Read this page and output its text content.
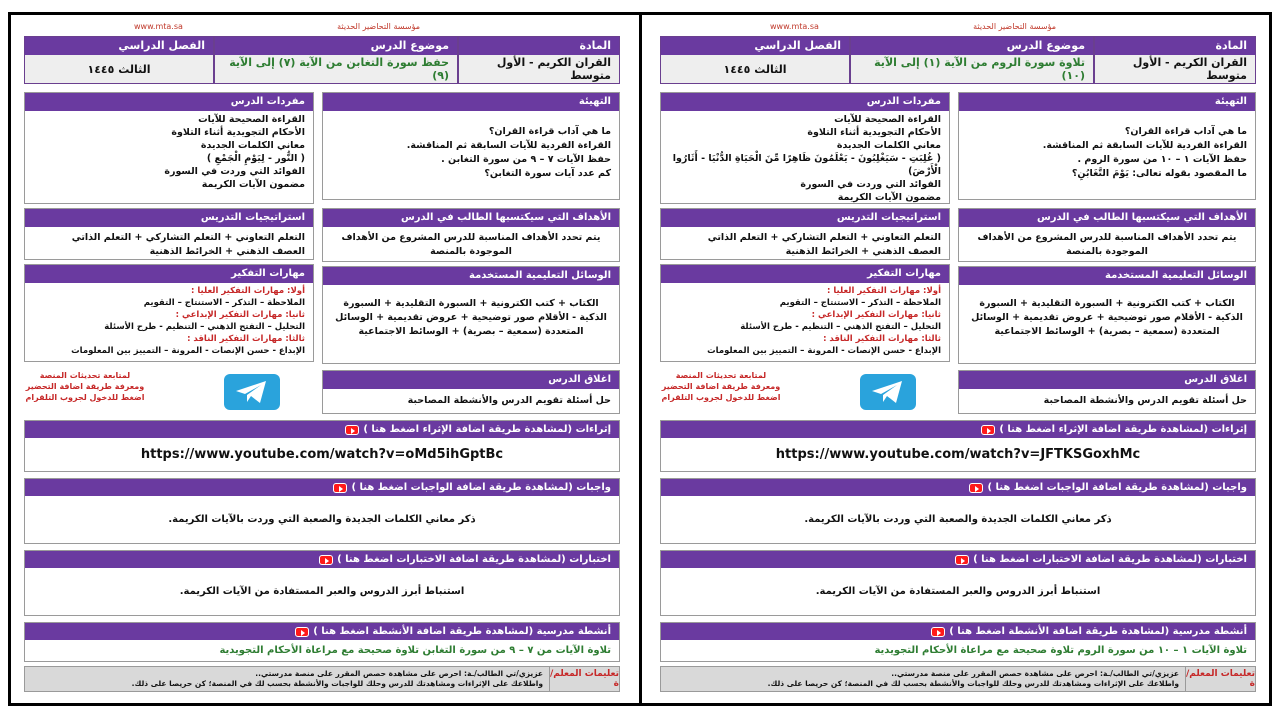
www.mta.sa	مؤسسة التحاضير الحديثة
المادة
القران الكريم - الأول متوسط
موضوع الدرس
حفظ سورة التغابن من الآية (٧) إلى الآية (٩)
الفصل الدراسي
الثالث ١٤٤٥
التهيئة
ما هي آداب قراءة القران؟
القراءة الفردية للآيات السابقة ثم المناقشة.
حفظ الآيات ٧ – ٩ من سورة التغابن .
كم عدد آيات سورة التغابن؟
مفردات الدرس
القراءة الصحيحة للآيات
الأحكام التجويدية أثناء التلاوة
معاني الكلمات الجديدة
( النُّور - لِيَوْمِ الْجَمْعِ )
الفوائد التي وردت في السورة
مضمون الآيات الكريمة
الأهداف التي سيكتسبها الطالب في الدرس
يتم تحدد الأهداف المناسبة للدرس المشروع من الأهداف الموجودة بالمنصة
استراتيجيات التدريس
التعلم التعاوني + التعلم التشاركي + التعلم الذاتي
العصف الذهني + الخرائط الذهنية
الوسائل التعليمية المستخدمة
الكتاب + كتب الكترونية + السبورة التقليدية + السبورة الذكية - الأقلام صور توضيحية + عروض تقديمية + الوسائل المتعددة (سمعية – بصرية) + الوسائط الاجتماعية
مهارات التفكير
أولا: مهارات التفكير العليا :
الملاحظة – التذكر – الاستنتاج – التقويم
ثانيا: مهارات التفكير الإبداعي :
التحليل – التفتح الذهني – التنظيم - طرح الأسئلة
ثالثا: مهارات التفكير الناقد :
الإبداع - حسن الإنصات - المرونة – التمييز بين المعلومات
اغلاق الدرس
حل أسئلة تقويم الدرس والأنشطة المصاحبة
لمتابعة تحديثات المنصة
ومعرفة طريقة اضافة التحضير
اضغط للدخول لجروب التلقرام
إثراءات (لمشاهدة طريقة اضافة الإثراء اضغط هنا )
https://www.youtube.com/watch?v=oMd5ihGptBc
واجبات (لمشاهدة طريقة اضافة الواجبات اضغط هنا )
ذكر معاني الكلمات الجديدة والصعبة التي وردت بالآيات الكريمة.
اختبارات (لمشاهدة طريقة اضافة الاختبارات اضغط هنا )
استنباط أبرز الدروس والعبر المستفادة من الآيات الكريمة.
أنشطة مدرسية (لمشاهدة طريقة اضافة الأنشطة اضغط هنا )
تلاوة الآيات من ٧ – ٩ من سورة التغابن تلاوة صحيحة مع مراعاة الأحكام التجويدية
تعليمات المعلم/ة
عزيزي/تي الطالب/ـة: احرص على مشاهدة حصص المقرر على منصة مدرستي..
واطلاعك على الإثراءات ومشاهدتك للدرس وحلك للواجبات والأنشطة بحسب لك في المنصة؛ كن حريصا على ذلك.
www.mta.sa	مؤسسة التحاضير الحديثة
المادة
القران الكريم - الأول متوسط
موضوع الدرس
تلاوة سورة الروم من الآية (١) إلى الآية (١٠)
الفصل الدراسي
الثالث ١٤٤٥
التهيئة
ما هي آداب قراءة القران؟
القراءة الفردية للآيات السابقة ثم المناقشة.
حفظ الآيات ١ – ١٠ من سورة الروم .
ما المقصود بقوله تعالى: يَوْمَ التَّغَابُنِ؟
مفردات الدرس
القراءة الصحيحة للآيات
الأحكام التجويدية أثناء التلاوة
معاني الكلمات الجديدة
( غُلِبَتِ - سَيَغْلِبُونَ - يَعْلَمُونَ ظَاهِرًا مِّنَ الْحَيَاةِ الدُّنْيَا - أَثَارُوا الْأَرْضَ)
الفوائد التي وردت في السورة
مضمون الآيات الكريمة
الأهداف التي سيكتسبها الطالب في الدرس
يتم تحدد الأهداف المناسبة للدرس المشروع من الأهداف الموجودة بالمنصة
استراتيجيات التدريس
التعلم التعاوني + التعلم التشاركي + التعلم الذاتي
العصف الذهني + الخرائط الذهنية
الوسائل التعليمية المستخدمة
الكتاب + كتب الكترونية + السبورة التقليدية + السبورة الذكية - الأقلام صور توضيحية + عروض تقديمية + الوسائل المتعددة (سمعية – بصرية) + الوسائط الاجتماعية
مهارات التفكير
أولا: مهارات التفكير العليا :
الملاحظة – التذكر – الاستنتاج – التقويم
ثانيا: مهارات التفكير الإبداعي :
التحليل – التفتح الذهني – التنظيم - طرح الأسئلة
ثالثا: مهارات التفكير الناقد :
الإبداع - حسن الإنصات - المرونة – التمييز بين المعلومات
اغلاق الدرس
حل أسئلة تقويم الدرس والأنشطة المصاحبة
لمتابعة تحديثات المنصة
ومعرفة طريقة اضافة التحضير
اضغط للدخول لجروب التلقرام
إثراءات (لمشاهدة طريقة اضافة الإثراء اضغط هنا )
https://www.youtube.com/watch?v=JFTKSGoxhMc
واجبات (لمشاهدة طريقة اضافة الواجبات اضغط هنا )
ذكر معاني الكلمات الجديدة والصعبة التي وردت بالآيات الكريمة.
اختبارات (لمشاهدة طريقة اضافة الاختبارات اضغط هنا )
استنباط أبرز الدروس والعبر المستفادة من الآيات الكريمة.
أنشطة مدرسية (لمشاهدة طريقة اضافة الأنشطة اضغط هنا )
تلاوة الآيات ١ – ١٠ من سورة الروم تلاوة صحيحة مع مراعاة الأحكام التجويدية
تعليمات المعلم/ة
عزيزي/تي الطالب/ـة: احرص على مشاهدة حصص المقرر على منصة مدرستي..
واطلاعك على الإثراءات ومشاهدتك للدرس وحلك للواجبات والأنشطة بحسب لك في المنصة؛ كن حريصا على ذلك.
